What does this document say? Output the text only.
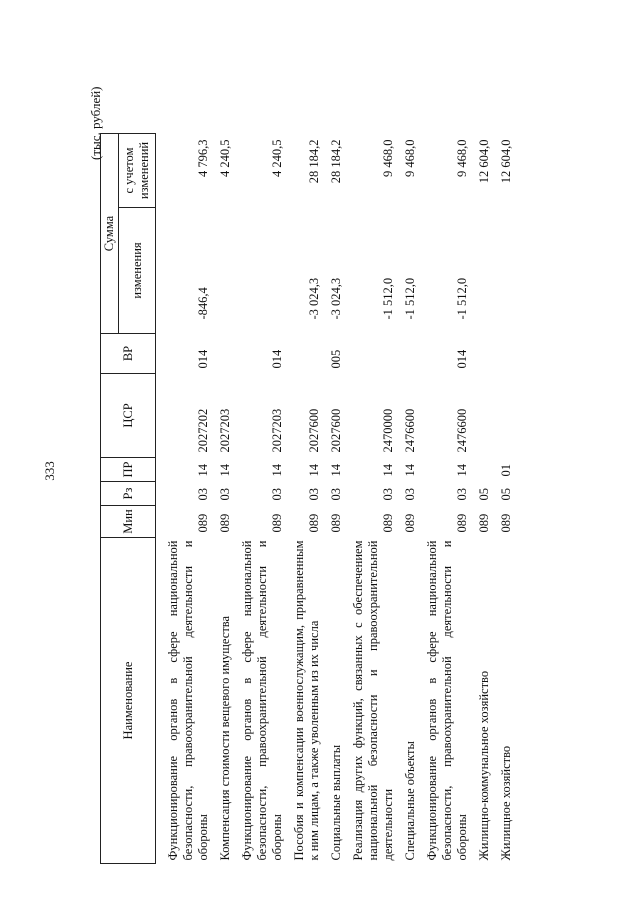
333
(тыс. рублей)
Наименование	Мин	Рз	ПР	ЦСР	ВР	Сумма	
						изменения	с учетом изменений
Функционирование органов в сфере национальной безопасности, правоохранительной деятельности и обороны	089	03	14	2027202	014	-846,4	4 796,3
Компенсация стоимости вещевого имущества	089	03	14	2027203			4 240,5
Функционирование органов в сфере национальной безопасности, правоохранительной деятельности и обороны	089	03	14	2027203	014		4 240,5
Пособия и компенсации военнослужащим, приравненным к ним лицам, а также уволенным из их числа	089	03	14	2027600		-3 024,3	28 184,2
Социальные выплаты	089	03	14	2027600	005	-3 024,3	28 184,2
Реализация других функций, связанных с обеспечением национальной безопасности и правоохранительной деятельности	089	03	14	2470000		-1 512,0	9 468,0
Специальные объекты	089	03	14	2476600		-1 512,0	9 468,0
Функционирование органов в сфере национальной безопасности, правоохранительной деятельности и обороны	089	03	14	2476600	014	-1 512,0	9 468,0
Жилищно-коммунальное хозяйство	089	05					12 604,0
Жилищное хозяйство	089	05	01				12 604,0
